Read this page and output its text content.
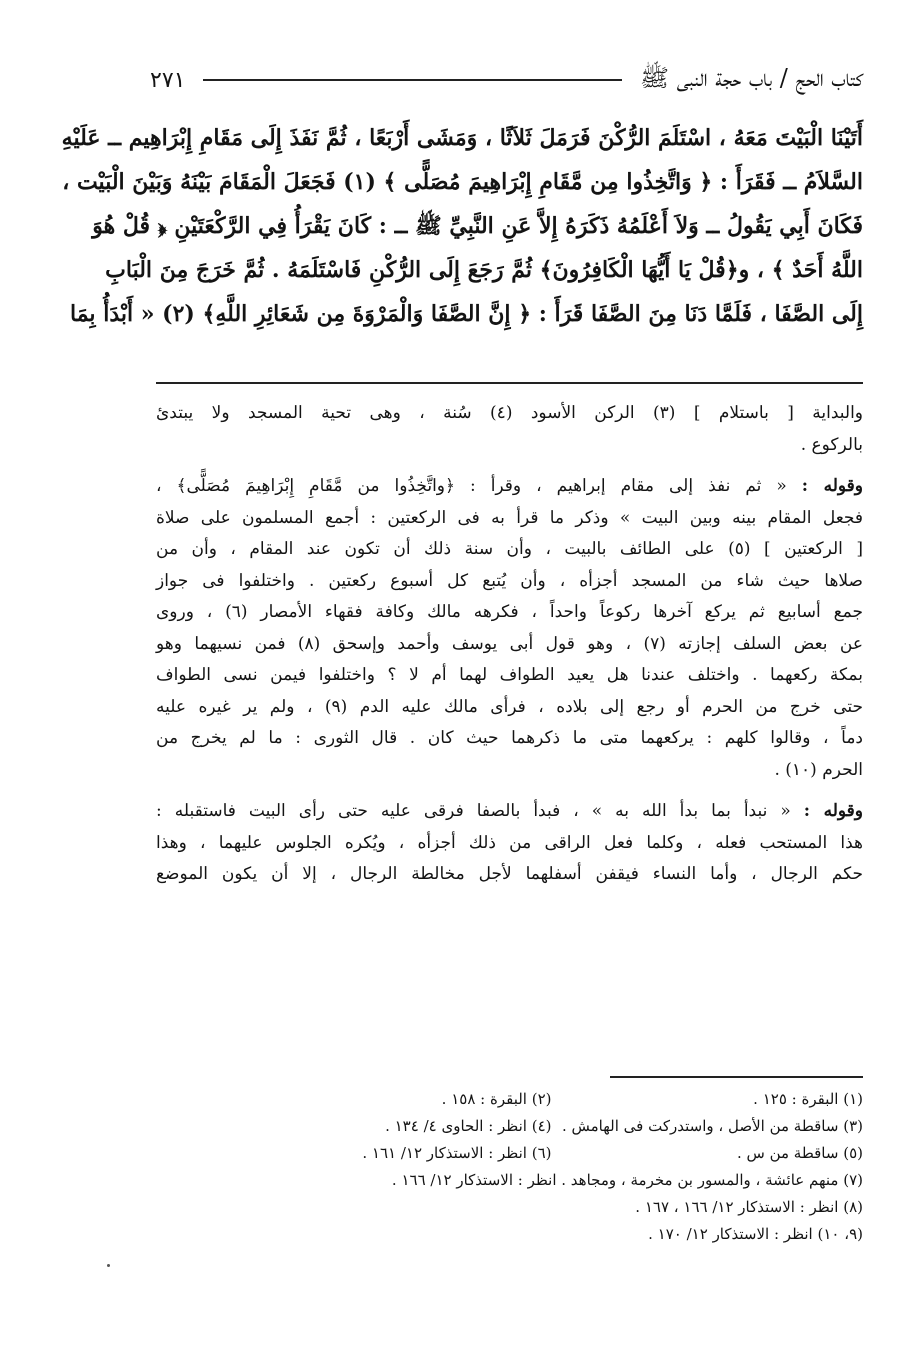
كتاب الحج / باب حجة النبى ﷺ
٢٧١
أَتَيْنَا الْبَيْتَ مَعَهُ ، اسْتَلَمَ الرُّكْنَ فَرَمَلَ ثَلاَثًا ، وَمَشَى أَرْبَعًا ، ثُمَّ نَفَذَ إِلَى مَقَامِ إِبْرَاهِيم ــ عَلَيْهِ
السَّلاَمُ ــ فَقَرَأَ : ﴿ وَاتَّخِذُوا مِن مَّقَامِ إِبْرَاهِيمَ مُصَلًّى ﴾ (١) فَجَعَلَ الْمَقَامَ بَيْنَهُ وَبَيْنَ الْبَيْت ،
فَكَانَ أَبِي يَقُولُ ــ وَلاَ أَعْلَمُهُ ذَكَرَهُ إِلاَّ عَنِ النَّبِيِّ ﷺ ــ : كَانَ يَقْرَأُ فِي الرَّكْعَتَيْنِ ﴿ قُلْ هُوَ
اللَّهُ أَحَدٌ ﴾ ، و﴿قُلْ يَا أَيُّهَا الْكَافِرُونَ﴾ ثُمَّ رَجَعَ إِلَى الرُّكْنِ فَاسْتَلَمَهُ . ثُمَّ خَرَجَ مِنَ الْبَابِ
إِلَى الصَّفَا ، فَلَمَّا دَنَا مِنَ الصَّفَا قَرَأَ : ﴿ إِنَّ الصَّفَا وَالْمَرْوَةَ مِن شَعَائِرِ اللَّهِ﴾ (٢) « أَبْدَأُ بِمَا
والبداية [ باستلام ] (٣) الركن الأسود (٤) سُنة ، وهى تحية المسجد ولا يبتدئ
بالركوع .
وقوله : « ثم نفذ إلى مقام إبراهيم ، وقرأ : ﴿واتَّخِذُوا من مَّقَامِ إِبْرَاهِيمَ مُصَلًّى﴾ ،
فجعل المقام بينه وبين البيت » وذكر ما قرأ به فى الركعتين : أجمع المسلمون على صلاة
[ الركعتين ] (٥) على الطائف بالبيت ، وأن سنة ذلك أن تكون عند المقام ، وأن من
صلاها حيث شاء من المسجد أجزأه ، وأن يُتبع كل أسبوع ركعتين . واختلفوا فى جواز
جمع أسابيع ثم يركع آخرها ركوعاً واحداً ، فكرهه مالك وكافة فقهاء الأمصار (٦) ، وروى
عن بعض السلف إجازته (٧) ، وهو قول أبى يوسف وأحمد وإسحق (٨) فمن نسيهما وهو
بمكة ركعهما . واختلف عندنا هل يعيد الطواف لهما أم لا ؟ واختلفوا فيمن نسى الطواف
حتى خرج من الحرم أو رجع إلى بلاده ، فرأى مالك عليه الدم (٩) ، ولم ير غيره عليه
دماً ، وقالوا كلهم : يركعهما متى ما ذكرهما حيث كان . قال الثورى : ما لم يخرج من
الحرم (١٠) .
وقوله : « نبدأ بما بدأ الله به » ، فبدأ بالصفا فرقى عليه حتى رأى البيت فاستقبله :
هذا المستحب فعله ، وكلما فعل الراقى من ذلك أجزأه ، ويُكره الجلوس عليهما ، وهذا
حكم الرجال ، وأما النساء فيقفن أسفلهما لأجل مخالطة الرجال ، إلا أن يكون الموضع
(١) البقرة : ١٢٥ .
(٢) البقرة : ١٥٨ .
(٣) ساقطة من الأصل ، واستدركت فى الهامش .
(٤) انظر : الحاوى ٤/ ١٣٤ .
(٥) ساقطة من س .
(٦) انظر : الاستذكار ١٢/ ١٦١ .
(٧) منهم عائشة ، والمسور بن مخرمة ، ومجاهد . انظر : الاستذكار ١٢/ ١٦٦ .
(٨) انظر : الاستذكار ١٢/ ١٦٦ ، ١٦٧ .
(٩، ١٠) انظر : الاستذكار ١٢/ ١٧٠ .
